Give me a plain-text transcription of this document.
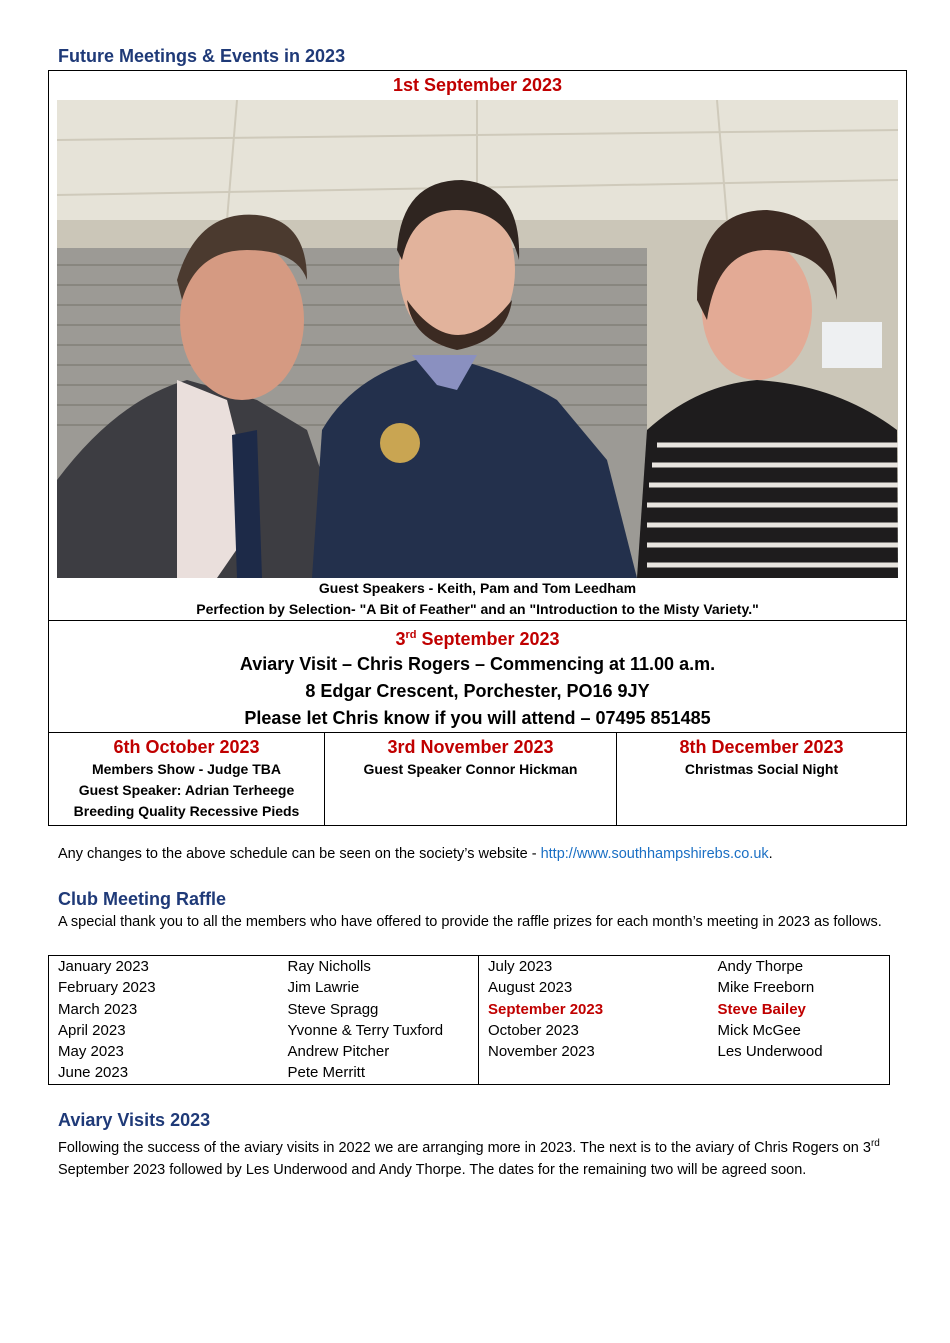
Future Meetings & Events in 2023
1st September 2023
Guest Speakers - Keith, Pam and Tom Leedham
Perfection by Selection- "A Bit of Feather" and an "Introduction to the Misty Variety."

3rd September 2023
Aviary Visit – Chris Rogers – Commencing at 11.00 a.m.
8 Edgar Crescent, Porchester, PO16 9JY
Please let Chris know if you will attend – 07495 851485

6th October 2023
Members Show - Judge TBA
Guest Speaker: Adrian Terheege
Breeding Quality Recessive Pieds

3rd November 2023
Guest Speaker Connor Hickman

8th December 2023
Christmas Social Night
Any changes to the above schedule can be seen on the society’s website - http://www.southhampshirebs.co.uk.
Club Meeting Raffle
A special thank you to all the members who have offered to provide the raffle prizes for each month’s meeting in 2023 as follows.
January 2023	Ray Nicholls	July 2023	Andy Thorpe
February 2023	Jim Lawrie	August 2023	Mike Freeborn
March 2023	Steve Spragg	September 2023	Steve Bailey
April 2023	Yvonne & Terry Tuxford	October 2023	Mick McGee
May 2023	Andrew Pitcher	November 2023	Les Underwood
June 2023	Pete Merritt		
Aviary Visits 2023
Following the success of the aviary visits in 2022 we are arranging more in 2023. The next is to the aviary of Chris Rogers on 3rd September 2023 followed by Les Underwood and Andy Thorpe. The dates for the remaining two will be agreed soon.
